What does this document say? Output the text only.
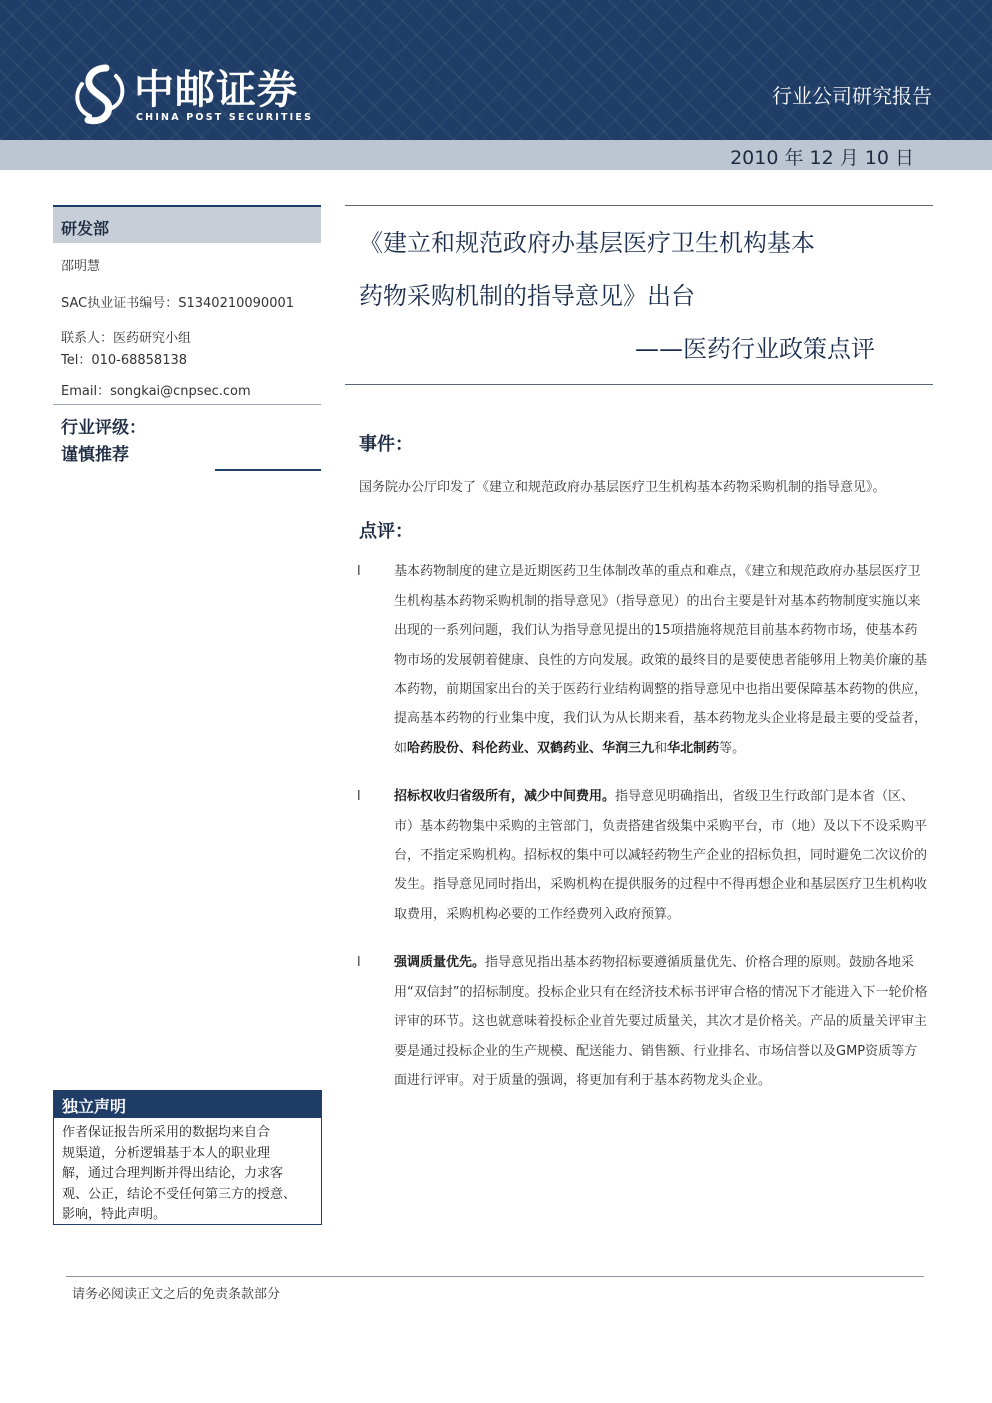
中邮证券
CHINA POST SECURITIES
行业公司研究报告
2010 年 12 月 10 日
研发部
邵明慧
SAC执业证书编号：S1340210090001
联系人：医药研究小组
Tel：010-68858138
Email：songkai@cnpsec.com
行业评级：
谨慎推荐
独立声明
作者保证报告所采用的数据均来自合
规渠道，分析逻辑基于本人的职业理
解，通过合理判断并得出结论，力求客
观、公正，结论不受任何第三方的授意、
影响，特此声明。
《建立和规范政府办基层医疗卫生机构基本
药物采购机制的指导意见》出台
——医药行业政策点评
事件：
国务院办公厅印发了《建立和规范政府办基层医疗卫生机构基本药物采购机制的指导意见》。
点评：
l	基本药物制度的建立是近期医药卫生体制改革的重点和难点，《建立和规范政府办基层医疗卫生机构基本药物采购机制的指导意见》（指导意见）的出台主要是针对基本药物制度实施以来出现的一系列问题，我们认为指导意见提出的15项措施将规范目前基本药物市场，使基本药物市场的发展朝着健康、良性的方向发展。政策的最终目的是要使患者能够用上物美价廉的基本药物，前期国家出台的关于医药行业结构调整的指导意见中也指出要保障基本药物的供应，提高基本药物的行业集中度，我们认为从长期来看，基本药物龙头企业将是最主要的受益者，如哈药股份、科伦药业、双鹤药业、华润三九和华北制药等。
l	招标权收归省级所有，减少中间费用。指导意见明确指出，省级卫生行政部门是本省（区、市）基本药物集中采购的主管部门，负责搭建省级集中采购平台，市（地）及以下不设采购平台，不指定采购机构。招标权的集中可以减轻药物生产企业的招标负担，同时避免二次议价的发生。指导意见同时指出，采购机构在提供服务的过程中不得再想企业和基层医疗卫生机构收取费用，采购机构必要的工作经费列入政府预算。
l	强调质量优先。指导意见指出基本药物招标要遵循质量优先、价格合理的原则。鼓励各地采用“双信封”的招标制度。投标企业只有在经济技术标书评审合格的情况下才能进入下一轮价格评审的环节。这也就意味着投标企业首先要过质量关，其次才是价格关。产品的质量关评审主要是通过投标企业的生产规模、配送能力、销售额、行业排名、市场信誉以及GMP资质等方面进行评审。对于质量的强调，将更加有利于基本药物龙头企业。
请务必阅读正文之后的免责条款部分
